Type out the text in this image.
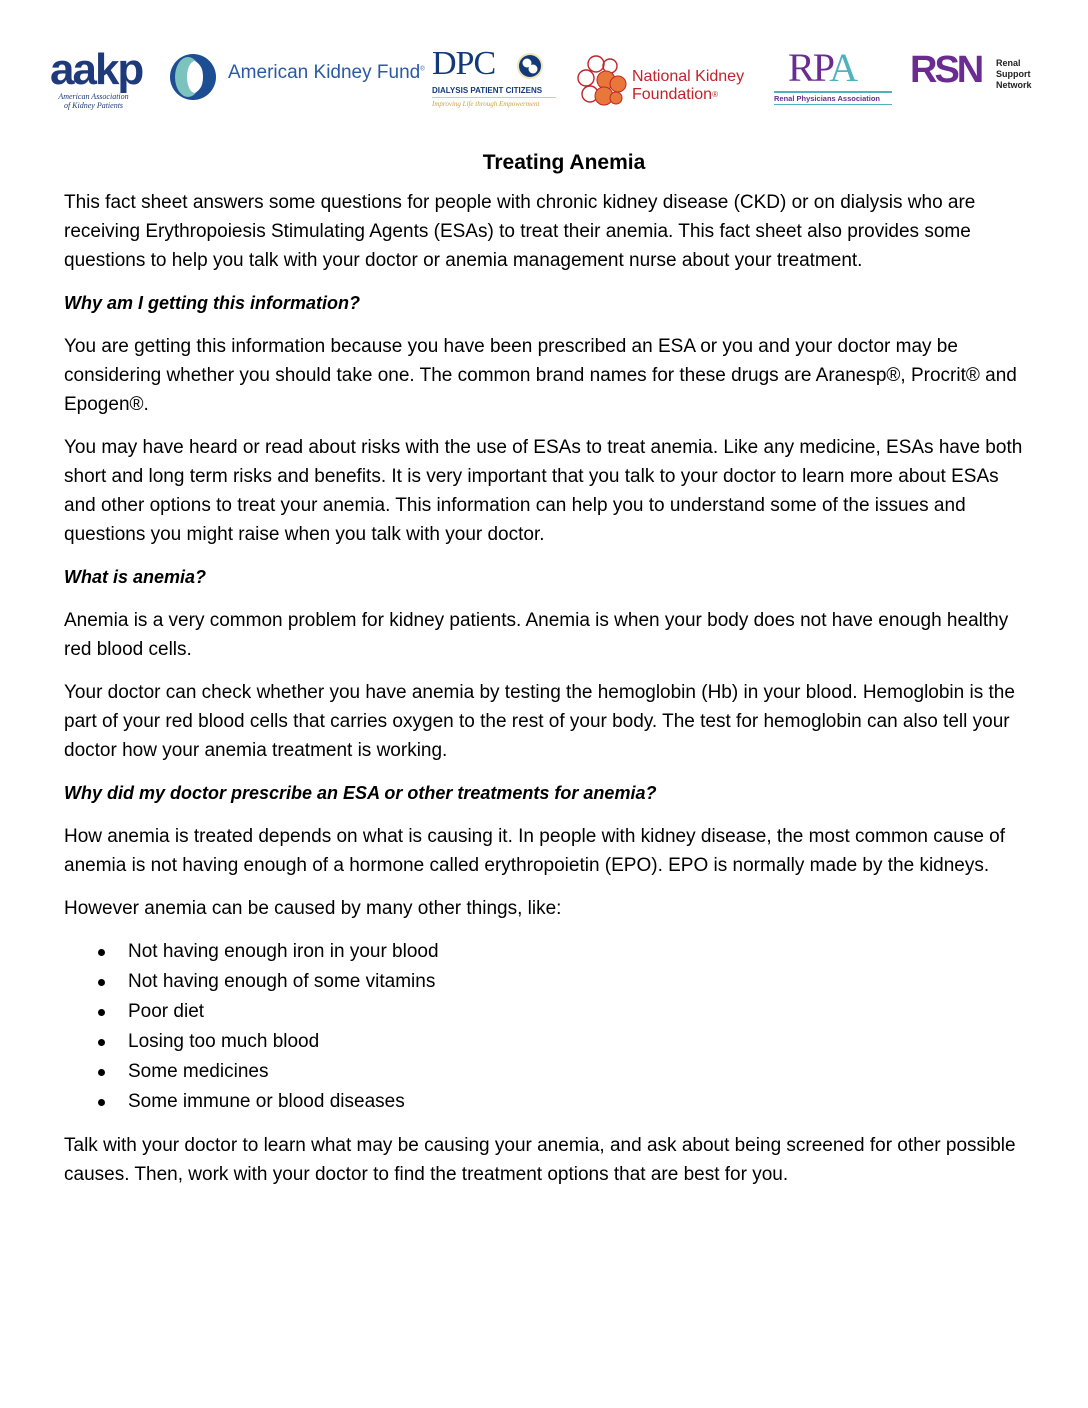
aakp
American Association
of Kidney Patients
American Kidney Fund® DPC
DIALYSIS PATIENT CITIZENS
Improving Life through Empowerment
National Kidney
Foundation®
RPA
Renal Physicians Association
RSN Renal
Support
Network
Treating Anemia

This fact sheet answers some questions for people with chronic kidney disease (CKD) or on dialysis who are receiving Erythropoiesis Stimulating Agents (ESAs) to treat their anemia. This fact sheet also provides some questions to help you talk with your doctor or anemia management nurse about your treatment.

Why am I getting this information?

You are getting this information because you have been prescribed an ESA or you and your doctor may be considering whether you should take one. The common brand names for these drugs are Aranesp®, Procrit® and Epogen®.

You may have heard or read about risks with the use of ESAs to treat anemia. Like any medicine, ESAs have both short and long term risks and benefits. It is very important that you talk to your doctor to learn more about ESAs and other options to treat your anemia. This information can help you to understand some of the issues and questions you might raise when you talk with your doctor.

What is anemia?

Anemia is a very common problem for kidney patients. Anemia is when your body does not have enough healthy red blood cells.

Your doctor can check whether you have anemia by testing the hemoglobin (Hb) in your blood. Hemoglobin is the part of your red blood cells that carries oxygen to the rest of your body. The test for hemoglobin can also tell your doctor how your anemia treatment is working.

Why did my doctor prescribe an ESA or other treatments for anemia?

How anemia is treated depends on what is causing it. In people with kidney disease, the most common cause of anemia is not having enough of a hormone called erythropoietin (EPO). EPO is normally made by the kidneys.

However anemia can be caused by many other things, like:

Not having enough iron in your blood
Not having enough of some vitamins
Poor diet
Losing too much blood
Some medicines
Some immune or blood diseases

Talk with your doctor to learn what may be causing your anemia, and ask about being screened for other possible causes. Then, work with your doctor to find the treatment options that are best for you.
